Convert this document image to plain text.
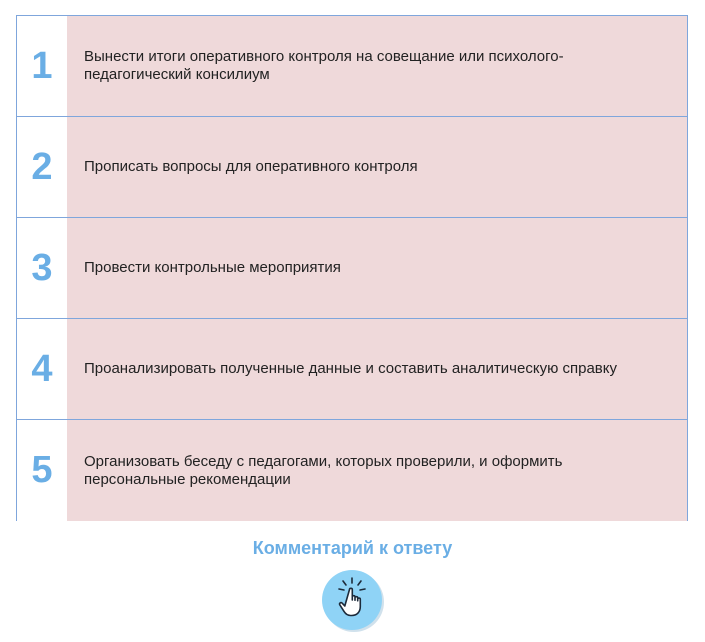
1	Вынести итоги оперативного контроля на совещание или психолого-педагогический консилиум
2	Прописать вопросы для оперативного контроля
3	Провести контрольные мероприятия
4	Проанализировать полученные данные и составить аналитическую справку
5	Организовать беседу с педагогами, которых проверили, и оформить персональные рекомендации
Комментарий к ответу
